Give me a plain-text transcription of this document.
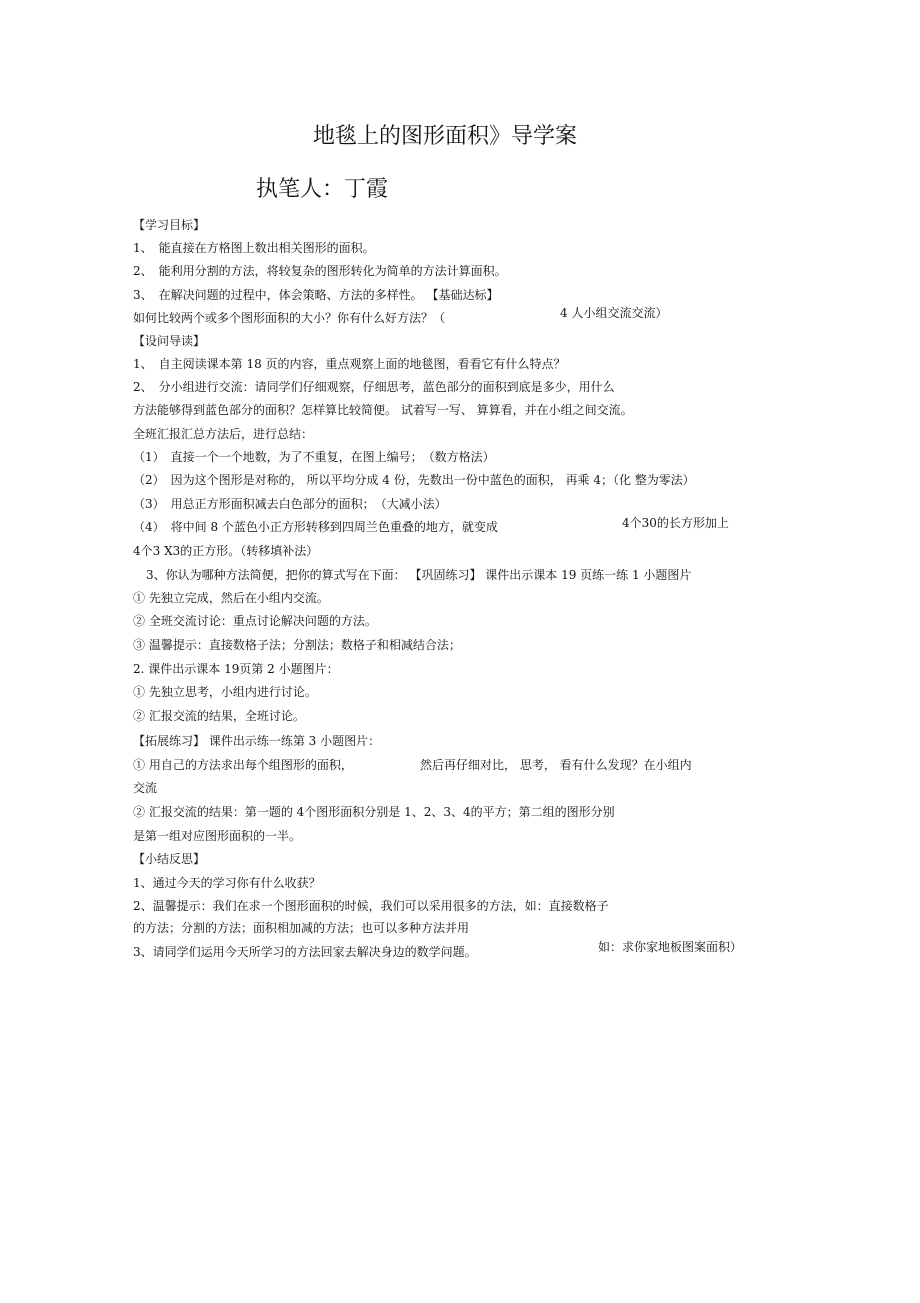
地毯上的图形面积》导学案
执笔人：丁霞
【学习目标】
1、　能直接在方格图上数出相关图形的面积。
2、　能利用分割的方法，将较复杂的图形转化为简单的方法计算面积。
3、　在解决问题的过程中，体会策略、方法的多样性。 【基础达标】
如何比较两个或多个图形面积的大小？你有什么好方法？（	4 人小组交流交流）
【设问导读】
1、　自主阅读课本第 18 页的内容，重点观察上面的地毯图，看看它有什么特点？
2、　分小组进行交流：请同学们仔细观察，仔细思考，蓝色部分的面积到底是多少，用什么
方法能够得到蓝色部分的面积？怎样算比较简便。 试着写一写、 算算看，并在小组之间交流。
全班汇报汇总方法后，进行总结：
（1）　直接一个一个地数，为了不重复，在图上编号；　（数方格法）
（2）　因为这个图形是对称的， 所以平均分成 4 份，先数出一份中蓝色的面积， 再乘 4；（化 整为零法）
（3）　用总正方形面积减去白色部分的面积；　（大减小法）
（4）　将中间 8 个蓝色小正方形转移到四周兰色重叠的地方，就变成	4个30的长方形加上
4个3 X3的正方形。（转移填补法）
3、你认为哪种方法简便，把你的算式写在下面： 【巩固练习】 课件出示课本 19 页练一练 1 小题图片
① 先独立完成，然后在小组内交流。
② 全班交流讨论：重点讨论解决问题的方法。
③ 温馨提示：直接数格子法；分割法；数格子和相减结合法；
2. 课件出示课本 19页第 2 小题图片：
① 先独立思考，小组内进行讨论。
② 汇报交流的结果，全班讨论。
【拓展练习】 课件出示练一练第 3 小题图片：
① 用自己的方法求出每个组图形的面积，	然后再仔细对比， 思考， 看有什么发现？在小组内
交流
② 汇报交流的结果：第一题的 4个图形面积分别是 1、2、3、4的平方；第二组的图形分别
是第一组对应图形面积的一半。
【小结反思】
1、通过今天的学习你有什么收获？
2、温馨提示：我们在求一个图形面积的时候，我们可以采用很多的方法，如：直接数格子
的方法；分割的方法；面积相加减的方法；也可以多种方法并用
3、请同学们运用今天所学习的方法回家去解决身边的数学问题。	如：求你家地板图案面积）
